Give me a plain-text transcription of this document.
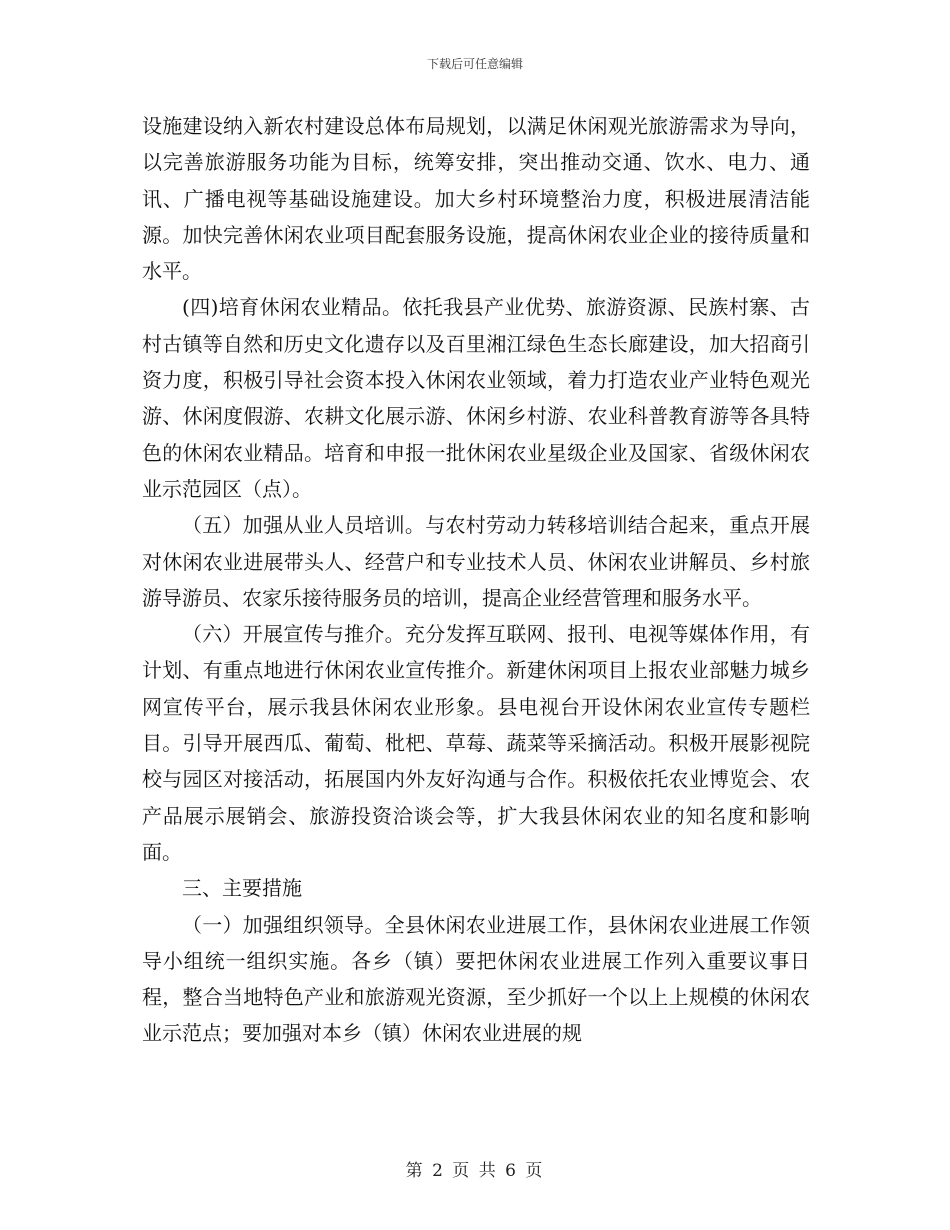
下载后可任意编辑

设施建设纳入新农村建设总体布局规划，以满足休闲观光旅游需求为导向，以完善旅游服务功能为目标，统筹安排，突出推动交通、饮水、电力、通讯、广播电视等基础设施建设。加大乡村环境整治力度，积极进展清洁能源。加快完善休闲农业项目配套服务设施，提高休闲农业企业的接待质量和水平。

(四)培育休闲农业精品。依托我县产业优势、旅游资源、民族村寨、古村古镇等自然和历史文化遗存以及百里湘江绿色生态长廊建设，加大招商引资力度，积极引导社会资本投入休闲农业领域，着力打造农业产业特色观光游、休闲度假游、农耕文化展示游、休闲乡村游、农业科普教育游等各具特色的休闲农业精品。培育和申报一批休闲农业星级企业及国家、省级休闲农业示范园区（点）。

（五）加强从业人员培训。与农村劳动力转移培训结合起来，重点开展对休闲农业进展带头人、经营户和专业技术人员、休闲农业讲解员、乡村旅游导游员、农家乐接待服务员的培训，提高企业经营管理和服务水平。

（六）开展宣传与推介。充分发挥互联网、报刊、电视等媒体作用，有计划、有重点地进行休闲农业宣传推介。新建休闲项目上报农业部魅力城乡网宣传平台，展示我县休闲农业形象。县电视台开设休闲农业宣传专题栏目。引导开展西瓜、葡萄、枇杷、草莓、蔬菜等采摘活动。积极开展影视院校与园区对接活动，拓展国内外友好沟通与合作。积极依托农业博览会、农产品展示展销会、旅游投资洽谈会等，扩大我县休闲农业的知名度和影响面。

三、主要措施

（一）加强组织领导。全县休闲农业进展工作，县休闲农业进展工作领导小组统一组织实施。各乡（镇）要把休闲农业进展工作列入重要议事日程，整合当地特色产业和旅游观光资源，至少抓好一个以上上规模的休闲农业示范点；要加强对本乡（镇）休闲农业进展的规

第 2 页 共 6 页
